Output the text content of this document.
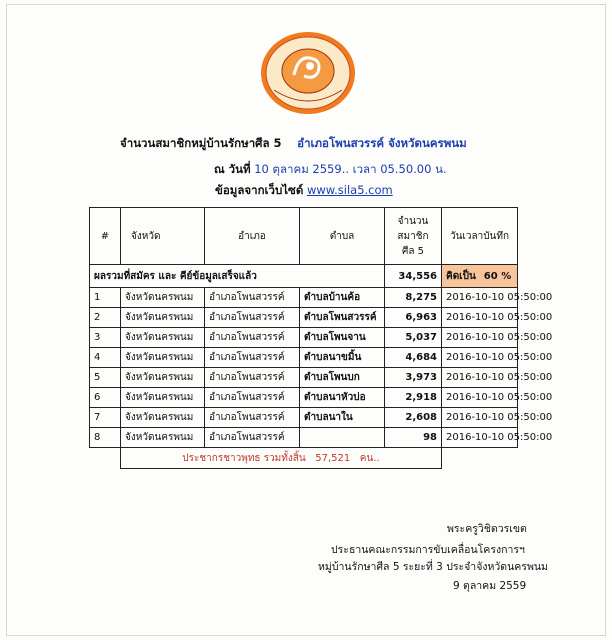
จำนวนสมาชิกหมู่บ้านรักษาศีล 5 อำเภอโพนสวรรค์ จังหวัดนครพนม
ณ วันที่ 10 ตุลาคม 2559.. เวลา 05.50.00 น.
ข้อมูลจากเว็บไซด์ www.sila5.com
#	จังหวัด	อำเภอ	ตำบล	จำนวน
สมาชิก
ศีล 5	วันเวลาบันทึก
ผลรวมที่สมัคร และ คีย์ข้อมูลเสร็จแล้ว				34,556	คิดเป็น 60 %
1	จังหวัดนครพนม	อำเภอโพนสวรรค์	ตำบลบ้านค้อ	8,275	2016-10-10 05:50:00
2	จังหวัดนครพนม	อำเภอโพนสวรรค์	ตำบลโพนสวรรค์	6,963	2016-10-10 05:50:00
3	จังหวัดนครพนม	อำเภอโพนสวรรค์	ตำบลโพนจาน	5,037	2016-10-10 05:50:00
4	จังหวัดนครพนม	อำเภอโพนสวรรค์	ตำบลนาขมิ้น	4,684	2016-10-10 05:50:00
5	จังหวัดนครพนม	อำเภอโพนสวรรค์	ตำบลโพนบก	3,973	2016-10-10 05:50:00
6	จังหวัดนครพนม	อำเภอโพนสวรรค์	ตำบลนาหัวบ่อ	2,918	2016-10-10 05:50:00
7	จังหวัดนครพนม	อำเภอโพนสวรรค์	ตำบลนาใน	2,608	2016-10-10 05:50:00
8	จังหวัดนครพนม	อำเภอโพนสวรรค์		98	2016-10-10 05:50:00
	ประชากรชาวพุทธ รวมทั้งสิ้น 57,521 คน..				
พระครูวิชิตวรเขต
ประธานคณะกรรมการขับเคลื่อนโครงการฯ
หมู่บ้านรักษาศีล 5 ระยะที่ 3 ประจำจังหวัดนครพนม
9 ตุลาคม 2559
